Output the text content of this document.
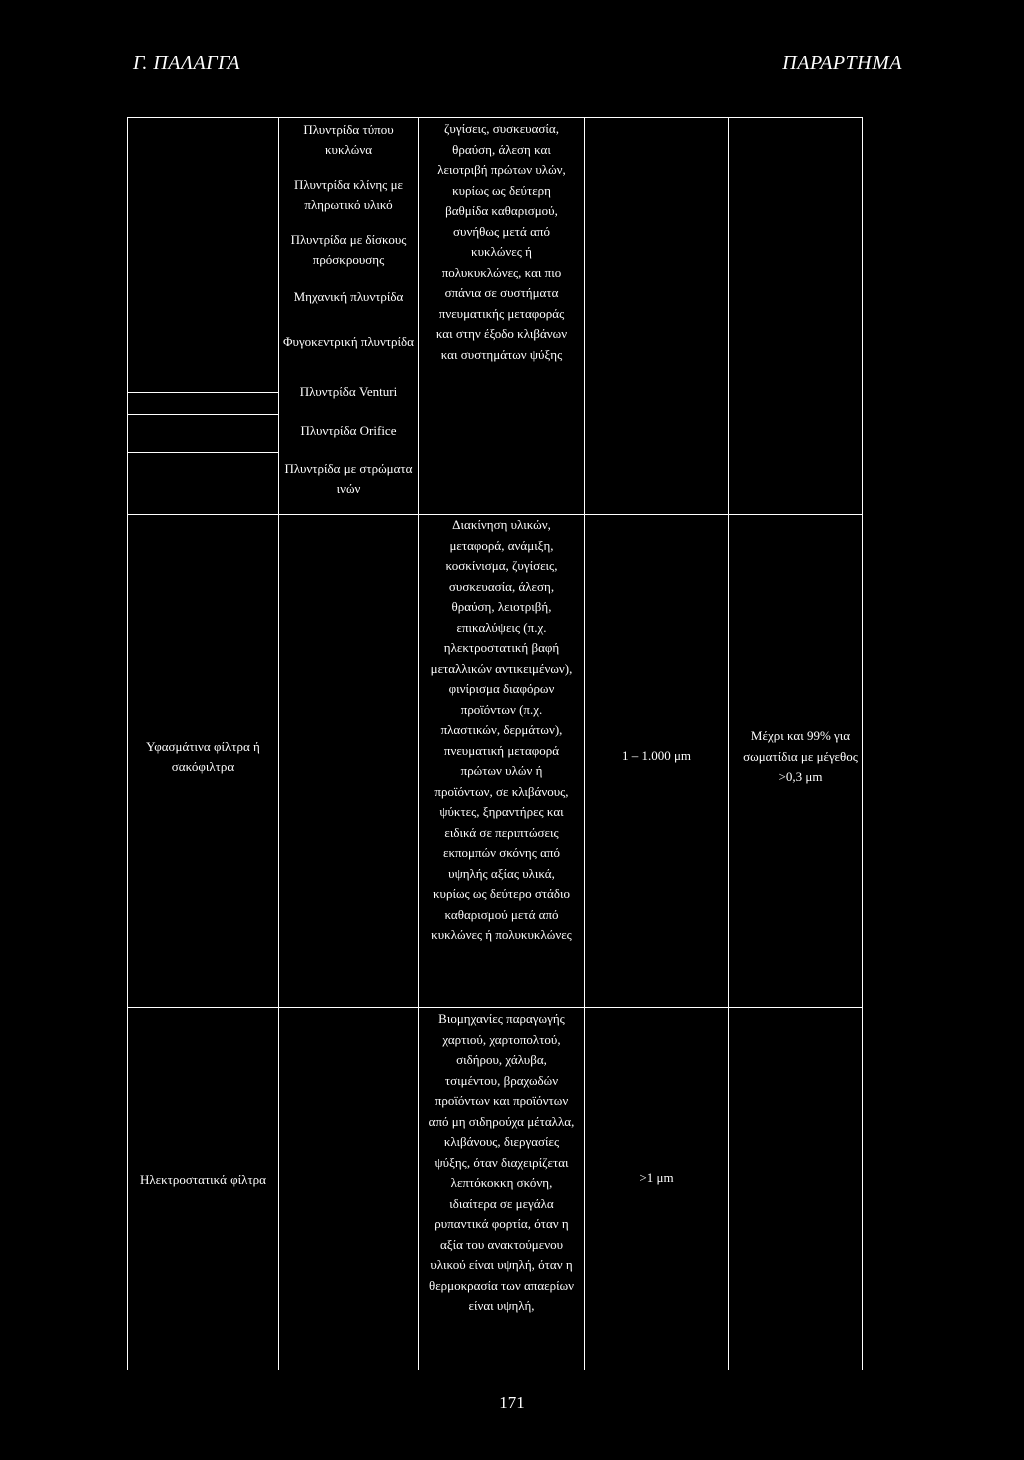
Γ. ΠΑΛΑΓΓΑ	ΠΑΡΑΡΤΗΜΑ
Πλυντρίδα τύπου κυκλώνα
Πλυντρίδα κλίνης με πληρωτικό υλικό
Πλυντρίδα με δίσκους πρόσκρουσης
Μηχανική πλυντρίδα
Φυγοκεντρική πλυντρίδα
ζυγίσεις, συσκευασία, θραύση, άλεση και λειοτριβή πρώτων υλών, κυρίως ως δεύτερη βαθμίδα καθαρισμού, συνήθως μετά από κυκλώνες ή πολυκυκλώνες, και πιο σπάνια σε συστήματα πνευματικής μεταφοράς και στην έξοδο κλιβάνων και συστημάτων ψύξης
Πλυντρίδα Venturi
Πλυντρίδα Orifice
Πλυντρίδα με στρώματα ινών
Υφασμάτινα φίλτρα ή σακόφιλτρα
Διακίνηση υλικών, μεταφορά, ανάμιξη, κοσκίνισμα, ζυγίσεις, συσκευασία, άλεση, θραύση, λειοτριβή, επικαλύψεις (π.χ. ηλεκτροστατική βαφή μεταλλικών αντικειμένων), φινίρισμα διαφόρων προϊόντων (π.χ. πλαστικών, δερμάτων), πνευματική μεταφορά πρώτων υλών ή προϊόντων, σε κλιβάνους, ψύκτες, ξηραντήρες και ειδικά σε περιπτώσεις εκπομπών σκόνης από υψηλής αξίας υλικά, κυρίως ως δεύτερο στάδιο καθαρισμού μετά από κυκλώνες ή πολυκυκλώνες
1 – 1.000 μm
Μέχρι και 99% για σωματίδια με μέγεθος >0,3 μm
Ηλεκτροστατικά φίλτρα
Βιομηχανίες παραγωγής χαρτιού, χαρτοπολτού, σιδήρου, χάλυβα, τσιμέντου, βραχωδών προϊόντων και προϊόντων από μη σιδηρούχα μέταλλα, κλιβάνους, διεργασίες ψύξης, όταν διαχειρίζεται λεπτόκοκκη σκόνη, ιδιαίτερα σε μεγάλα ρυπαντικά φορτία, όταν η αξία του ανακτούμενου υλικού είναι υψηλή, όταν η θερμοκρασία των απαερίων είναι υψηλή,
>1 μm
171
